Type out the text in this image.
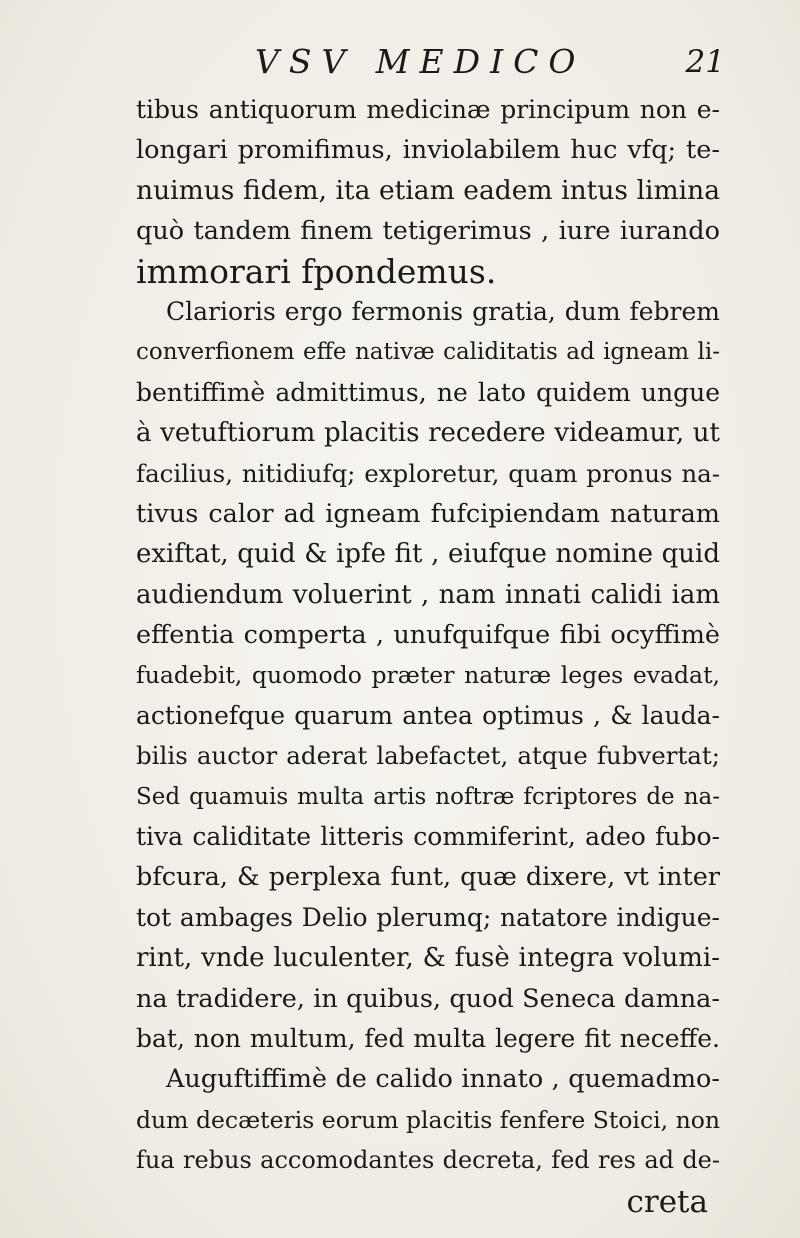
VSV MEDICO	21
tibus antiquorum medicinæ principum non e-
longari promifimus, inviolabilem huc vfq; te-
nuimus fidem, ita etiam eadem intus limina
quò tandem finem tetigerimus , iure iurando
immorari fpondemus.
Clarioris ergo fermonis gratia, dum febrem
converfionem effe nativæ caliditatis ad igneam li-
bentiffimè admittimus, ne lato quidem ungue
à vetuftiorum placitis recedere videamur, ut
facilius, nitidiufq; exploretur, quam pronus na-
tivus calor ad igneam fufcipiendam naturam
exiftat, quid & ipfe fit , eiufque nomine quid
audiendum voluerint , nam innati calidi iam
effentia comperta , unufquifque fibi ocyffimè
fuadebit, quomodo præter naturæ leges evadat,
actionefque quarum antea optimus , & lauda-
bilis auctor aderat labefactet, atque fubvertat;
Sed quamuis multa artis noftræ fcriptores de na-
tiva caliditate litteris commiferint, adeo fubo-
bfcura, & perplexa funt, quæ dixere, vt inter
tot ambages Delio plerumq; natatore indigue-
rint, vnde luculenter, & fusè integra volumi-
na tradidere, in quibus, quod Seneca damna-
bat, non multum, fed multa legere fit neceffe.
Auguftiffimè de calido innato , quemadmo-
dum decæteris eorum placitis fenfere Stoici, non
fua rebus accomodantes decreta, fed res ad de-
creta
